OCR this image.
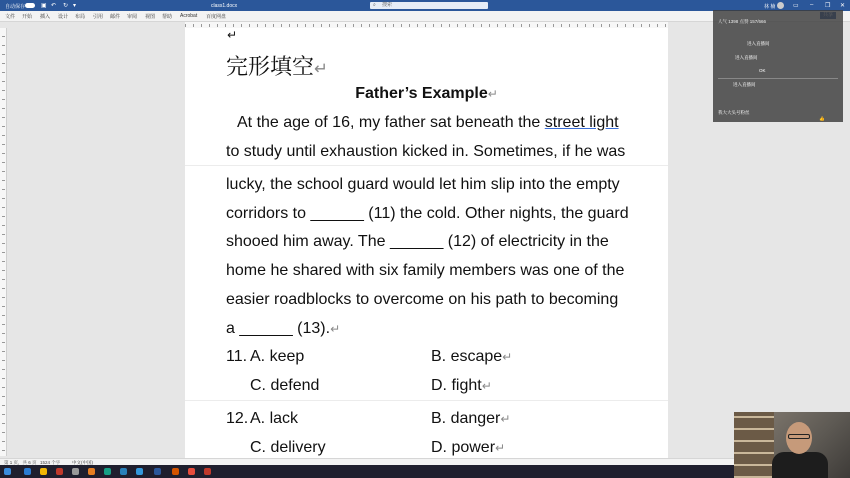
自动保存	▣ ↶ ↻ ▾	class1.docx	⌕ 搜索	林 楠	▭ – ❐ ✕
文件 开始 插入 设计 布局 引用 邮件 审阅 视图 帮助 Acrobat 百度网盘
↵
完形填空↵
Father’s Example↵
At the age of 16, my father sat beneath the street light
to study until exhaustion kicked in. Sometimes, if he was
lucky, the school guard would let him slip into the empty
corridors to ______ (11) the cold. Other nights, the guard
shooed him away. The ______ (12) of electricity in the
home he shared with six family members was one of the
easier roadblocks to overcome on his path to becoming
a ______ (13).↵
11. A. keep	B. escape↵
C. defend	D. fight↵
12. A. lack	B. danger↵
C. delivery	D. power↵
人气 1398 点赞 157/666
进入直播间
进入直播间
OK
进入直播间
我大大头号粉丝
👍
第 1 页，共 6 页 1524 个字	中文(中国)
